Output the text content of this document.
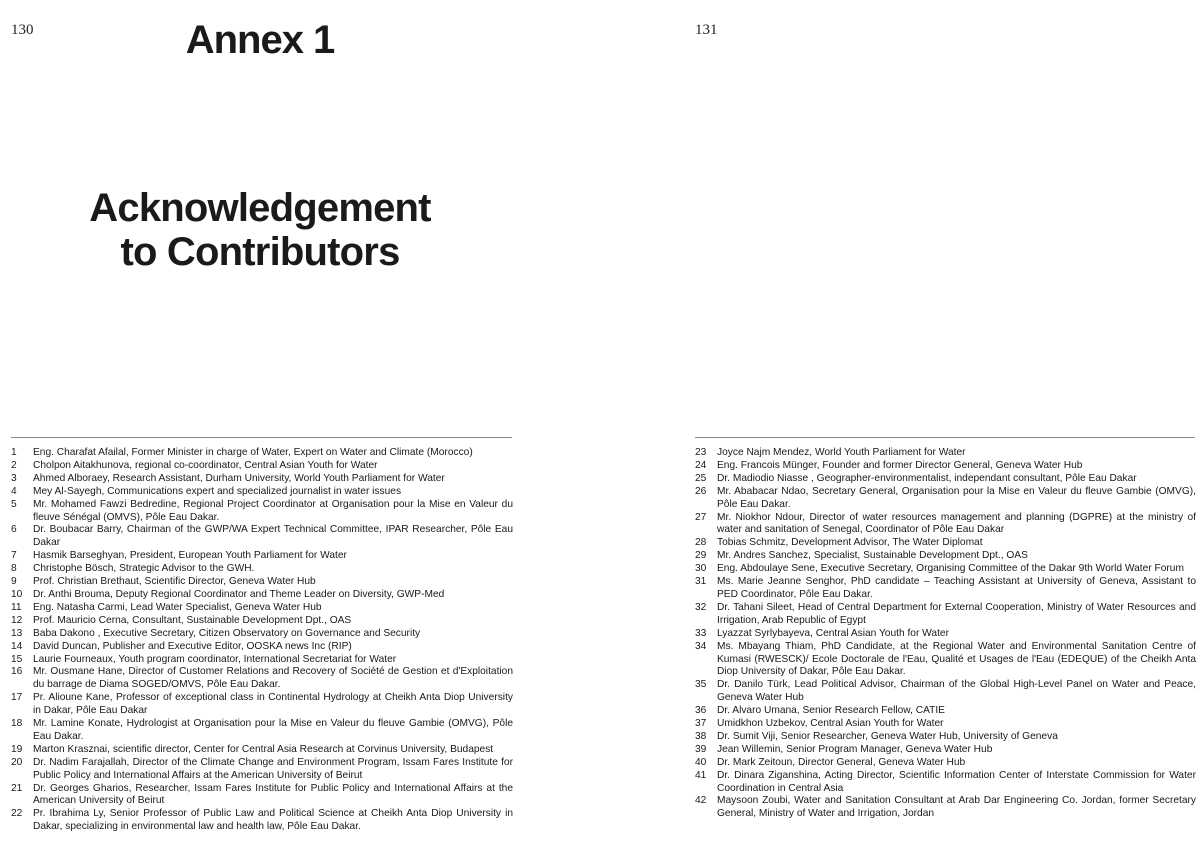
130	Annex 1
Acknowledgement
to Contributors
1	Eng. Charafat Afailal, Former Minister in charge of Water, Expert on Water and Climate (Morocco)
2	Cholpon Aitakhunova, regional co-coordinator, Central Asian Youth for Water
3	Ahmed Alboraey, Research Assistant, Durham University, World Youth Parliament for Water
4	Mey Al-Sayegh, Communications expert and specialized journalist in water issues
5	Mr. Mohamed Fawzi Bedredine, Regional Project Coordinator at Organisation pour la Mise en Valeur du fleuve Sénégal (OMVS), Pôle Eau Dakar.
6	Dr. Boubacar Barry, Chairman of the GWP/WA Expert Technical Committee, IPAR Researcher, Pôle Eau Dakar
7	Hasmik Barseghyan, President, European Youth Parliament for Water
8	Christophe Bösch, Strategic Advisor to the GWH.
9	Prof. Christian Brethaut, Scientific Director, Geneva Water Hub
10	Dr. Anthi Brouma, Deputy Regional Coordinator and Theme Leader on Diversity, GWP-Med
11	Eng. Natasha Carmi, Lead Water Specialist, Geneva Water Hub
12	Prof. Mauricio Cerna, Consultant, Sustainable Development Dpt., OAS
13	Baba Dakono , Executive Secretary, Citizen Observatory on Governance and Security
14	David Duncan, Publisher and Executive Editor, OOSKA news Inc (RIP)
15	Laurie Fourneaux, Youth program coordinator, International Secretariat for Water
16	Mr. Ousmane Hane, Director of Customer Relations and Recovery of Société de Gestion et d'Exploitation du barrage de Diama SOGED/OMVS, Pôle Eau Dakar.
17	Pr. Alioune Kane, Professor of exceptional class in Continental Hydrology at Cheikh Anta Diop University in Dakar, Pôle Eau Dakar
18	Mr. Lamine Konate, Hydrologist at Organisation pour la Mise en Valeur du fleuve Gambie (OMVG), Pôle Eau Dakar.
19	Marton Krasznai, scientific director, Center for Central Asia Research at Corvinus University, Budapest
20	Dr. Nadim Farajallah, Director of the Climate Change and Environment Program, Issam Fares Institute for Public Policy and International Affairs at the American University of Beirut
21	Dr. Georges Gharios, Researcher, Issam Fares Institute for Public Policy and International Affairs at the American University of Beirut
22	Pr. Ibrahima Ly, Senior Professor of Public Law and Political Science at Cheikh Anta Diop University in Dakar, specializing in environmental law and health law, Pôle Eau Dakar.
131
23	Joyce Najm Mendez, World Youth Parliament for Water
24	Eng. Francois Münger, Founder and former Director General, Geneva Water Hub
25	Dr. Madiodio Niasse , Geographer-environmentalist, independant consultant, Pôle Eau Dakar
26	Mr. Ababacar Ndao, Secretary General, Organisation pour la Mise en Valeur du fleuve Gambie (OMVG), Pôle Eau Dakar.
27	Mr. Niokhor Ndour, Director of water resources management and planning (DGPRE) at the ministry of water and sanitation of Senegal, Coordinator of Pôle Eau Dakar
28	Tobias Schmitz, Development Advisor, The Water Diplomat
29	Mr. Andres Sanchez, Specialist, Sustainable Development Dpt., OAS
30	Eng. Abdoulaye Sene, Executive Secretary, Organising Committee of the Dakar 9th World Water Forum
31	Ms. Marie Jeanne Senghor, PhD candidate – Teaching Assistant at University of Geneva, Assistant to PED Coordinator, Pôle Eau Dakar.
32	Dr. Tahani Sileet, Head of Central Department for External Cooperation, Ministry of Water Resources and Irrigation, Arab Republic of Egypt
33	Lyazzat Syrlybayeva, Central Asian Youth for Water
34	Ms. Mbayang Thiam, PhD Candidate, at the Regional Water and Environmental Sanitation Centre of Kumasi (RWESCK)/ Ecole Doctorale de l'Eau, Qualité et Usages de l'Eau (EDEQUE) of the Cheikh Anta Diop University of Dakar, Pôle Eau Dakar.
35	Dr. Danilo Türk, Lead Political Advisor, Chairman of the Global High-Level Panel on Water and Peace, Geneva Water Hub
36	Dr. Alvaro Umana, Senior Research Fellow, CATIE
37	Umidkhon Uzbekov, Central Asian Youth for Water
38	Dr. Sumit Viji, Senior Researcher, Geneva Water Hub, University of Geneva
39	Jean Willemin, Senior Program Manager, Geneva Water Hub
40	Dr. Mark Zeitoun, Director General, Geneva Water Hub
41	Dr. Dinara Ziganshina, Acting Director, Scientific Information Center of Interstate Commission for Water Coordination in Central Asia
42	Maysoon Zoubi, Water and Sanitation Consultant at Arab Dar Engineering Co. Jordan, former Secretary General, Ministry of Water and Irrigation, Jordan
